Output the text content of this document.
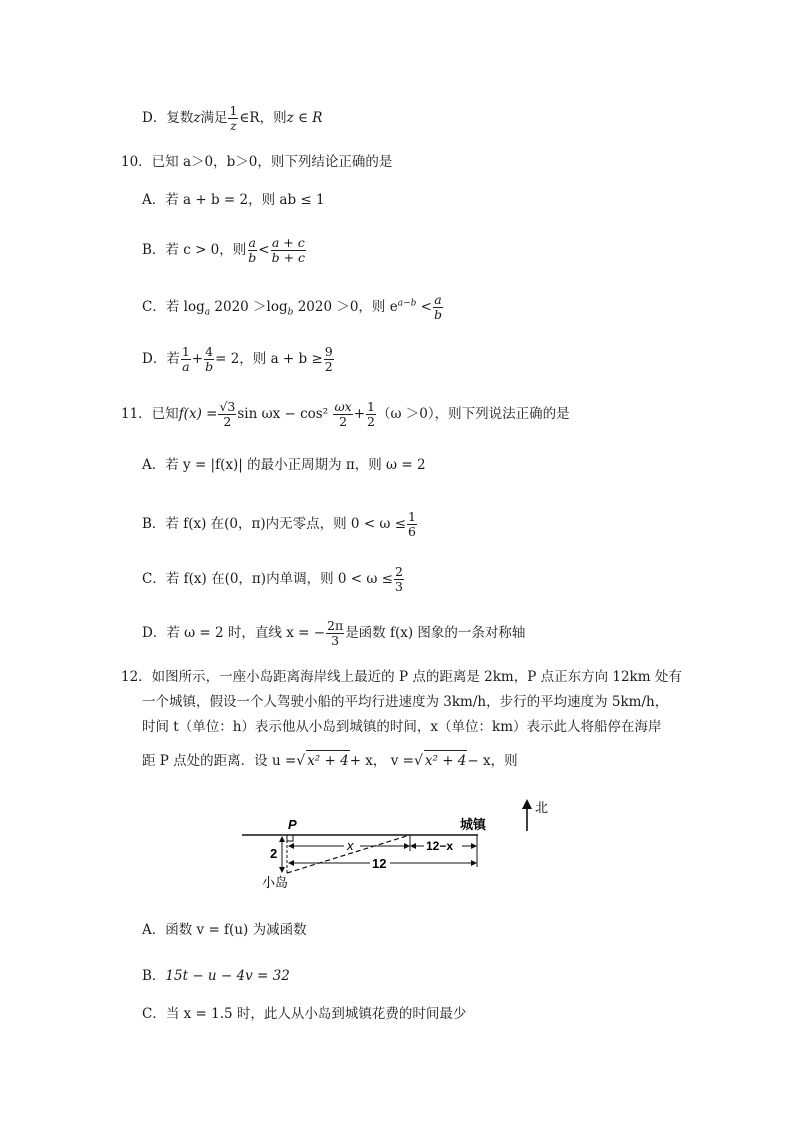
D．复数z满足 $\frac{1}{z}$ ∈R，则z ∈ R
10．已知 a＞0，b＞0，则下列结论正确的是
A．若 a + b = 2，则 ab ≤ 1
B．若 c > 0，则 $\frac{a}{b} < \frac{a + c}{b + c}$
C．若 $\log_a 2020 >\log_b$ 2020 ＞0，则 $e^{a-b} < \frac{a}{b}$
D．若 $\frac{1}{a} + \frac{4}{b} = 2$，则 $a + b \ge \frac{9}{2}$
11．已知$f(x) = \frac{√3}{2}$ $\sin \omega x - \cos^2 \frac{\omega x}{2} + \frac{1}{2} (\omega >0)$，则下列说法正确的是
A．若 y = |f(x)| 的最小正周期为 π，则 ω = 2
B．若 f(x) 在(0，π)内无零点，则 $0 < \omega \le \frac{1}{6}$
C．若 f(x) 在(0，π)内单调，则 $0 < \omega \le \frac{2}{3}$
D．若 ω = 2 时，直线 x = − $\frac{2\pi}{3}$ 是函数 f(x) 图象的一条对称轴
12．如图所示，一座小岛距离海岸线上最近的 P 点的距离是 2km，P 点正东方向 12km 处有
一个城镇，假设一个人驾驶小船的平均行进速度为 3km/h，步行的平均速度为 5km/h，
时间 t（单位：h）表示他从小岛到城镇的时间，x（单位：km）表示此人将船停在海岸
距 P 点处的距离．设 u =√ x² + 4+ x， v =√ x² + 4− x，则
北
P
2
小岛
x	12−x
12
城镇
A．函数 v = f(u) 为减函数
B．15t − u − 4v = 32
C．当 x = 1.5 时，此人从小岛到城镇花费的时间最少
